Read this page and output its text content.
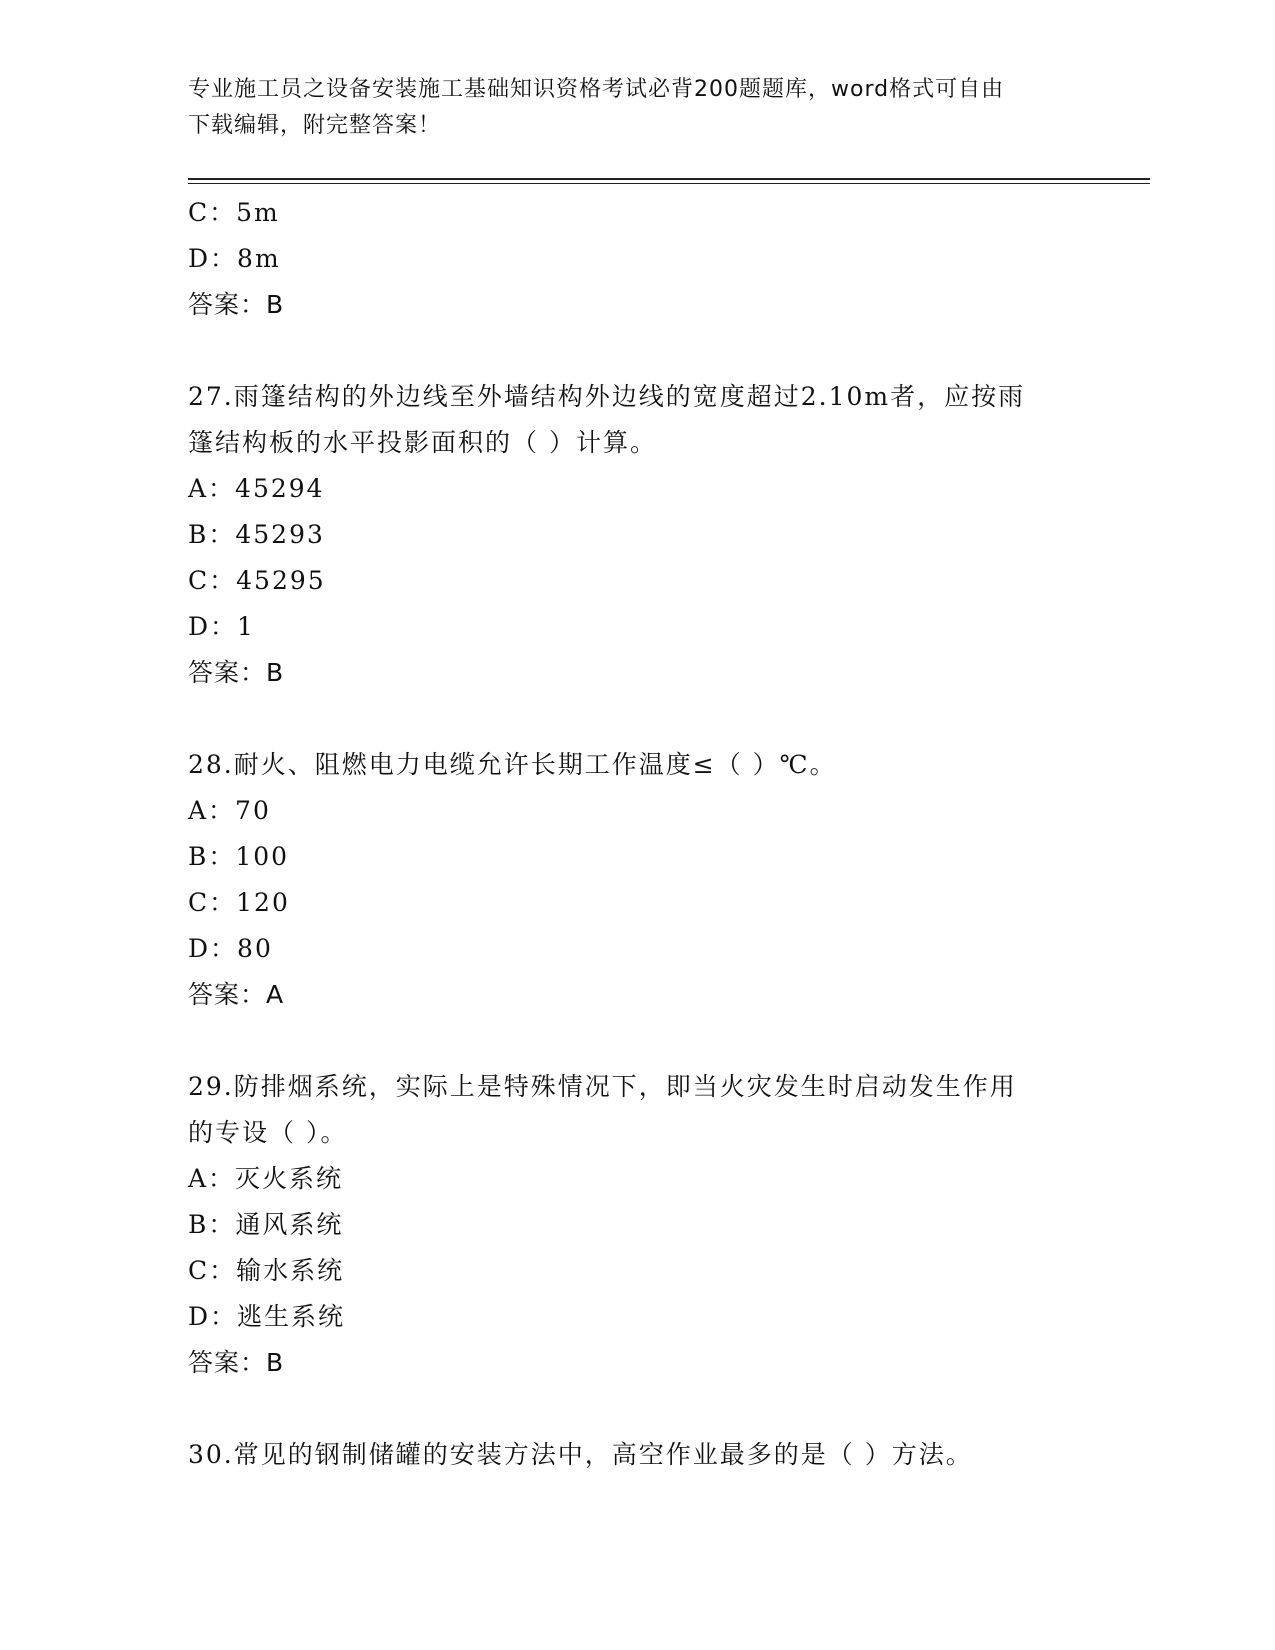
专业施工员之设备安装施工基础知识资格考试必背200题题库，word格式可自由
下载编辑，附完整答案！
C：5m
D：8m
答案：B
27.雨篷结构的外边线至外墙结构外边线的宽度超过2.10m者，应按雨
篷结构板的水平投影面积的（ ）计算。
A：45294
B：45293
C：45295
D：1
答案：B
28.耐火、阻燃电力电缆允许长期工作温度≤（ ）℃。
A：70
B：100
C：120
D：80
答案：A
29.防排烟系统，实际上是特殊情况下，即当火灾发生时启动发生作用
的专设（ ）。
A：灭火系统
B：通风系统
C：输水系统
D：逃生系统
答案：B
30.常见的钢制储罐的安装方法中，高空作业最多的是（ ）方法。
